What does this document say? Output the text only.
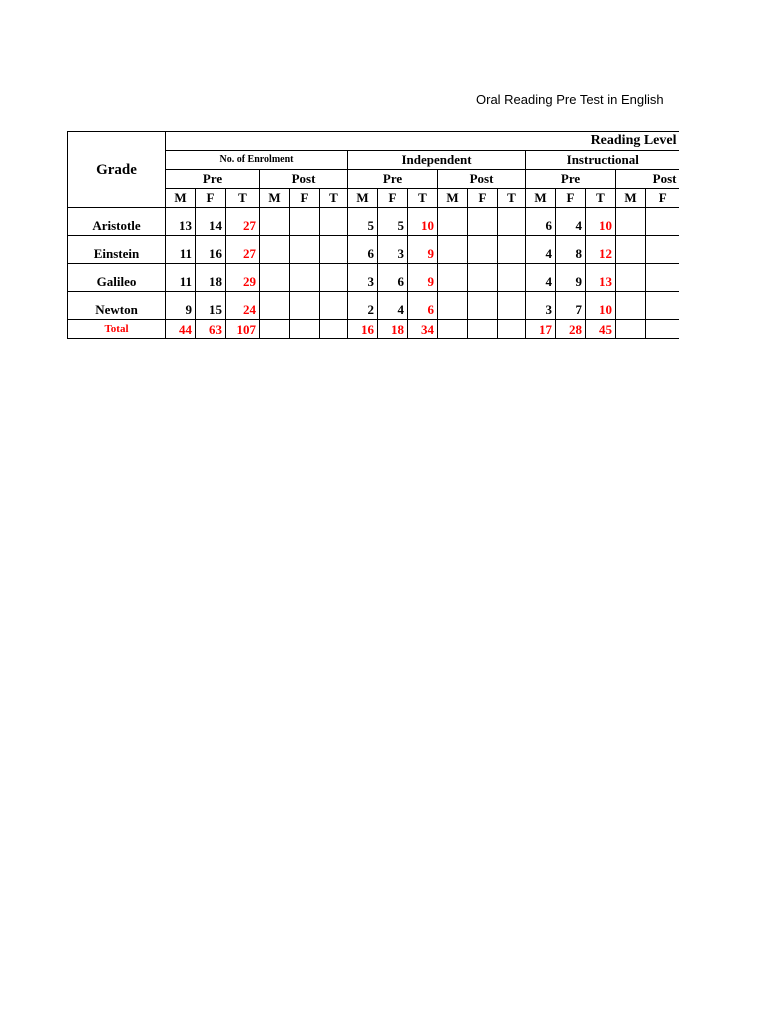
Oral Reading Pre Test in English
Grade	Reading Level																
	No. of Enrolment						Independent						Instructional				
	Pre			Post			Pre			Post			Pre			Post	
	M	F	T	M	F	T	M	F	T	M	F	T	M	F	T	M	F
Aristotle	13	14	27				5	5	10				6	4	10		
Einstein	11	16	27				6	3	9				4	8	12		
Galileo	11	18	29				3	6	9				4	9	13		
Newton	9	15	24				2	4	6				3	7	10		
Total	44	63	107				16	18	34				17	28	45		
